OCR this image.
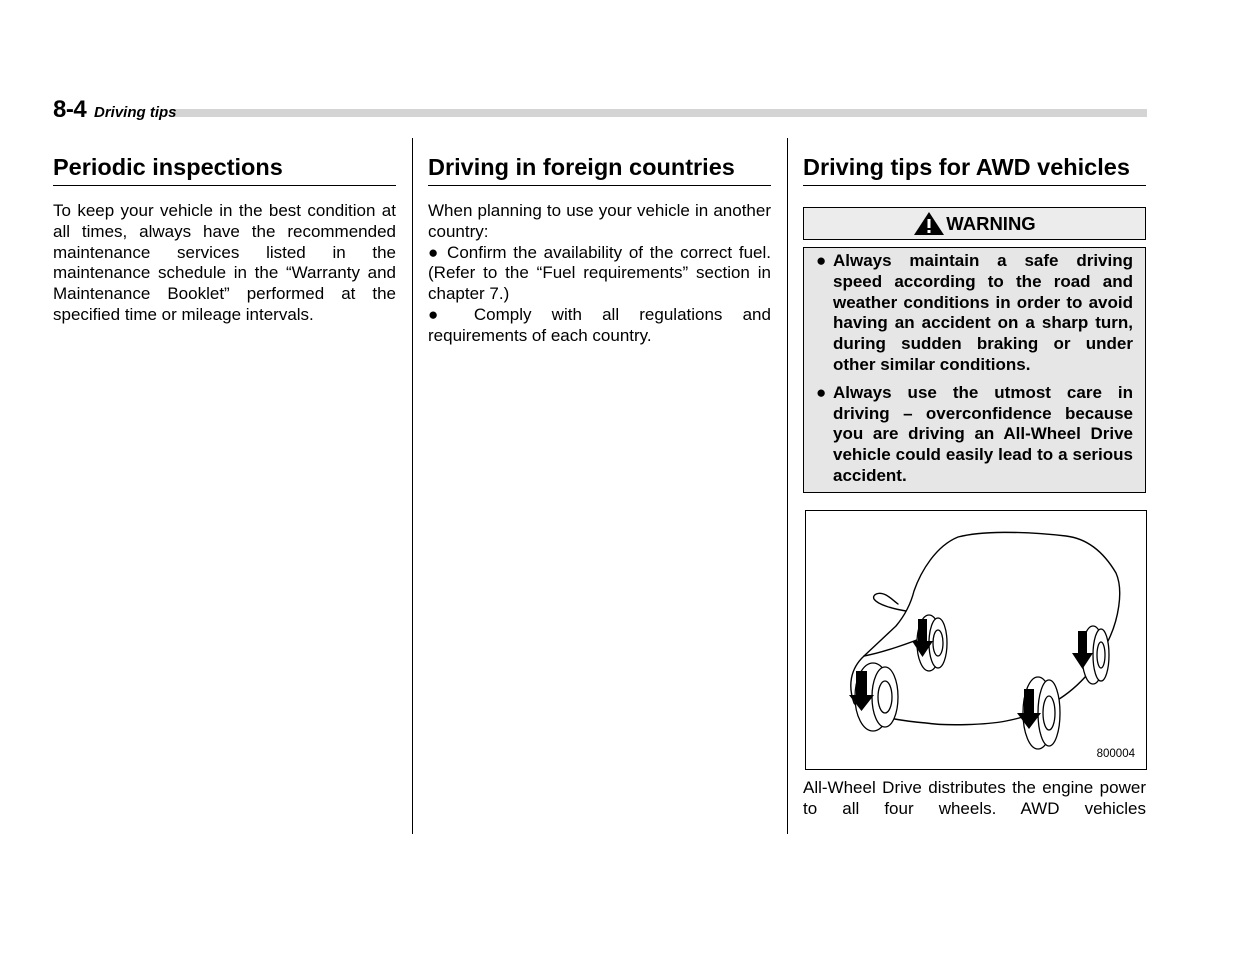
8-4 Driving tips
Periodic inspections

To keep your vehicle in the best condition at all times, always have the recommended maintenance services listed in the maintenance schedule in the “Warranty and Maintenance Booklet” performed at the specified time or mileage intervals.

Driving in foreign countries

When planning to use your vehicle in another country:

● Confirm the availability of the correct fuel. (Refer to the “Fuel requirements” section in chapter 7.)
● Comply with all regulations and requirements of each country.
Driving tips for AWD vehicles
WARNING
● Always maintain a safe driving speed according to the road and weather conditions in order to avoid having an accident on a sharp turn, during sudden braking or under other similar conditions.
● Always use the utmost care in driving – overconfidence because you are driving an All-Wheel Drive vehicle could easily lead to a serious accident.
800004

All-Wheel Drive distributes the engine power to all four wheels. AWD vehicles
